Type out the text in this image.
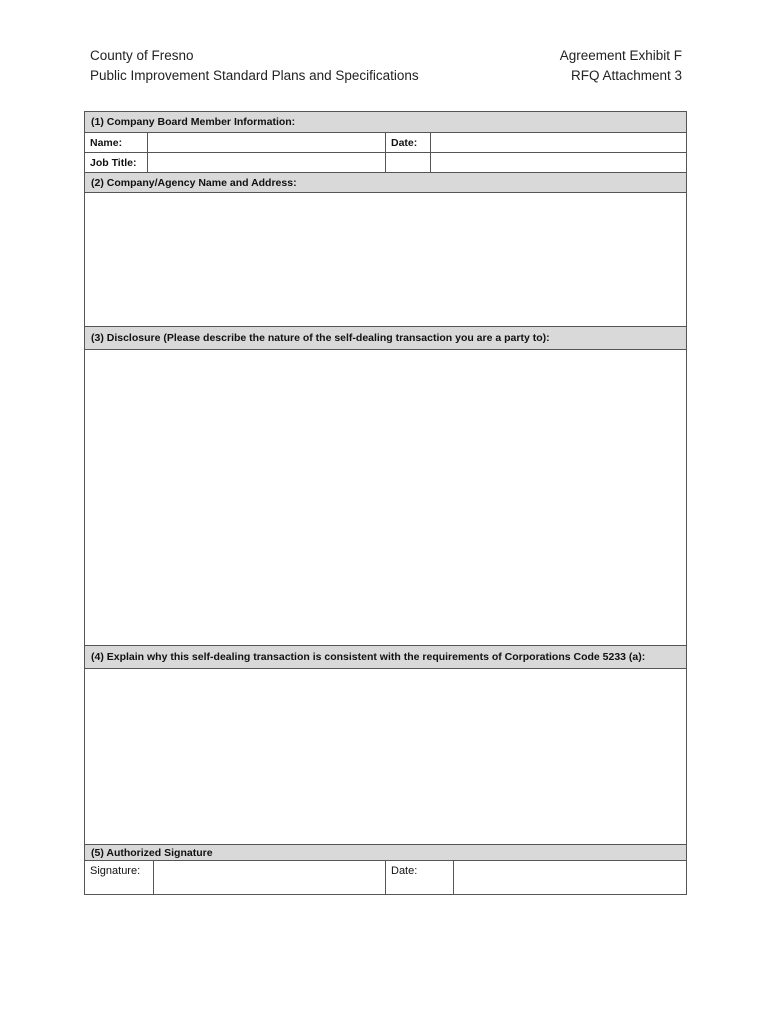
County of Fresno
Public Improvement Standard Plans and Specifications
Agreement Exhibit F
RFQ Attachment 3
(1) Company Board Member Information:
Name:	Date:
Job Title:
(2) Company/Agency Name and Address:
(3) Disclosure (Please describe the nature of the self-dealing transaction you are a party to):
(4) Explain why this self-dealing transaction is consistent with the requirements of Corporations Code 5233 (a):
(5) Authorized Signature
Signature:	Date:
